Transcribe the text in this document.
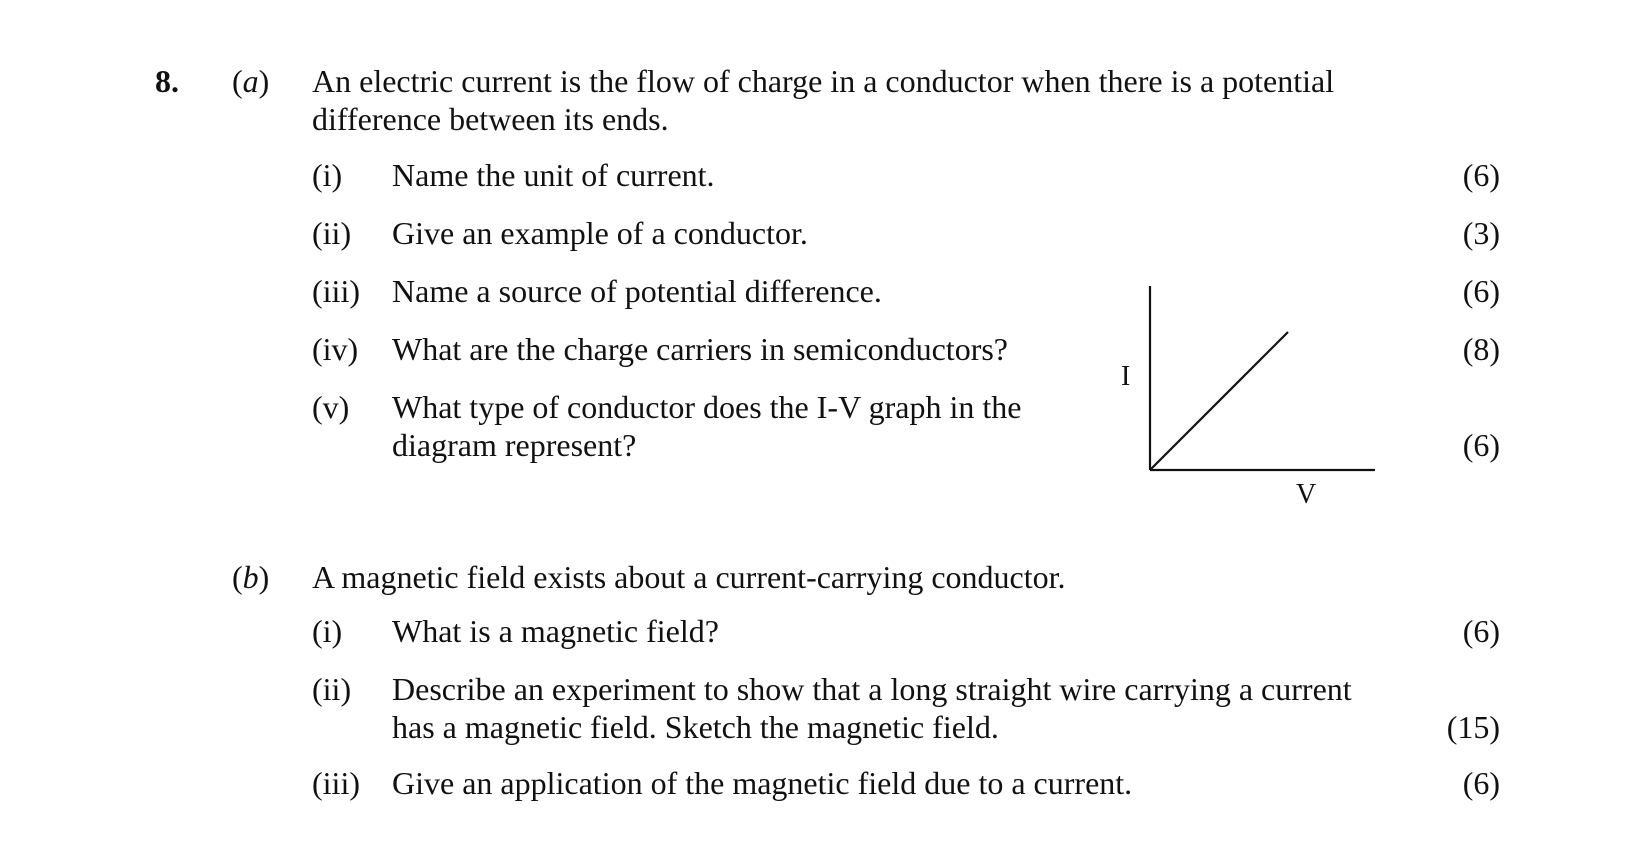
8. (a) An electric current is the flow of charge in a conductor when there is a potential
difference between its ends.
(i) Name the unit of current.	(6)
(ii) Give an example of a conductor.	(3)
(iii) Name a source of potential difference.	(6)
(iv) What are the charge carriers in semiconductors?	(8)
(v) What type of conductor does the I-V graph in the
diagram represent?	(6)
I
V
(b) A magnetic field exists about a current-carrying conductor.
(i) What is a magnetic field?	(6)
(ii) Describe an experiment to show that a long straight wire carrying a current
has a magnetic field. Sketch the magnetic field.	(15)
(iii) Give an application of the magnetic field due to a current.	(6)
